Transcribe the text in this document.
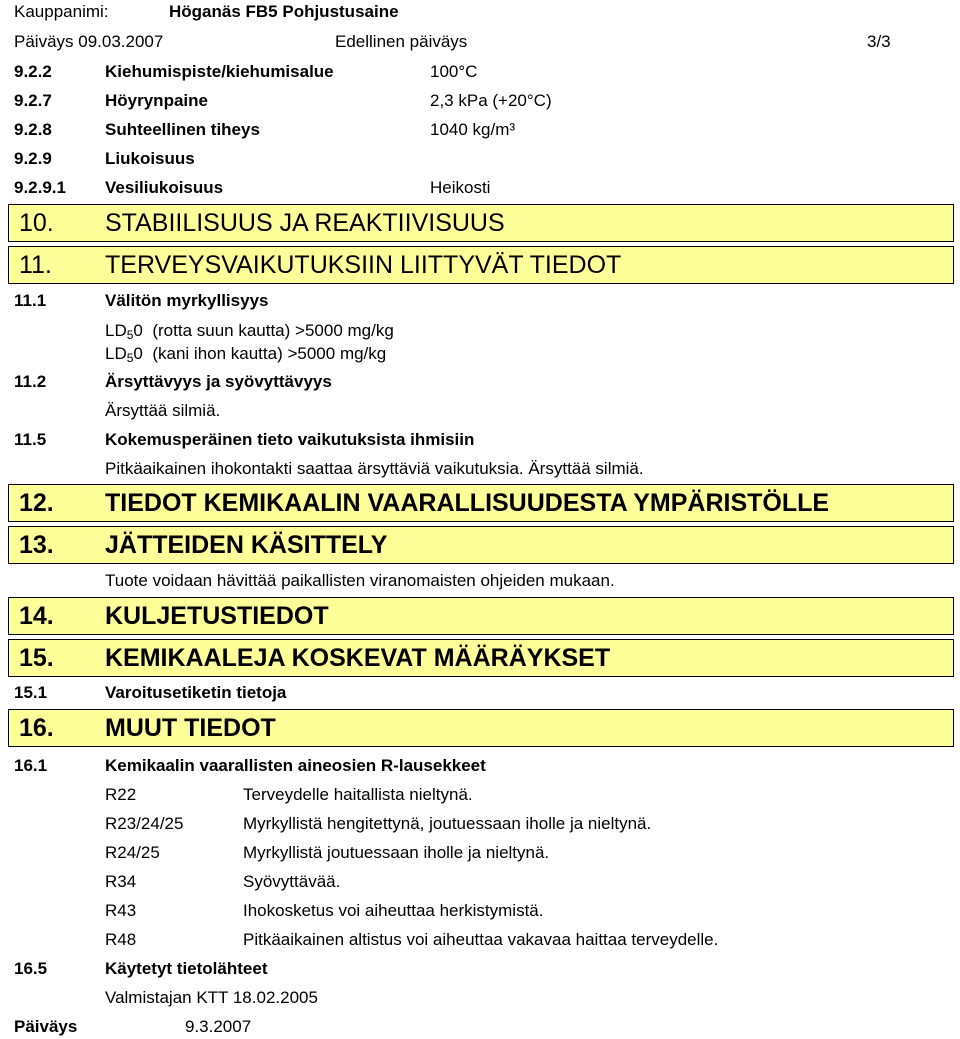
Kauppanimi:	Höganäs FB5 Pohjustusaine
Päiväys 09.03.2007	Edellinen päiväys	3/3
9.2.2	Kiehumispiste/kiehumisalue	100°C
9.2.7	Höyrynpaine	2,3 kPa (+20°C)
9.2.8	Suhteellinen tiheys	1040 kg/m³
9.2.9	Liukoisuus
9.2.9.1 Vesiliukoisuus	Heikosti
10. STABIILISUUS JA REAKTIIVISUUS
11. TERVEYSVAIKUTUKSIIN LIITTYVÄT TIEDOT
11.1	Välitön myrkyllisyys
$LD_50$ (rotta suun kautta) >5000 mg/kg
$LD_50$ (kani ihon kautta) >5000 mg/kg
11.2	Ärsyttävyys ja syövyttävyys
Ärsyttää silmiä.
11.5	Kokemusperäinen tieto vaikutuksista ihmisiin
Pitkäaikainen ihokontakti saattaa ärsyttäviä vaikutuksia. Ärsyttää silmiä.
12. TIEDOT KEMIKAALIN VAARALLISUUDESTA YMPÄRISTÖLLE
13. JÄTTEIDEN KÄSITTELY
Tuote voidaan hävittää paikallisten viranomaisten ohjeiden mukaan.
14. KULJETUSTIEDOT
15. KEMIKAALEJA KOSKEVAT MÄÄRÄYKSET
15.1	Varoitusetiketin tietoja
16. MUUT TIEDOT
16.1	Kemikaalin vaarallisten aineosien R-lausekkeet
R22	Terveydelle haitallista nieltynä.
R23/24/25	Myrkyllistä hengitettynä, joutuessaan iholle ja nieltynä.
R24/25	Myrkyllistä joutuessaan iholle ja nieltynä.
R34	Syövyttävää.
R43	Ihokosketus voi aiheuttaa herkistymistä.
R48	Pitkäaikainen altistus voi aiheuttaa vakavaa haittaa terveydelle.
16.5	Käytetyt tietolähteet
Valmistajan KTT 18.02.2005
Päiväys	9.3.2007
